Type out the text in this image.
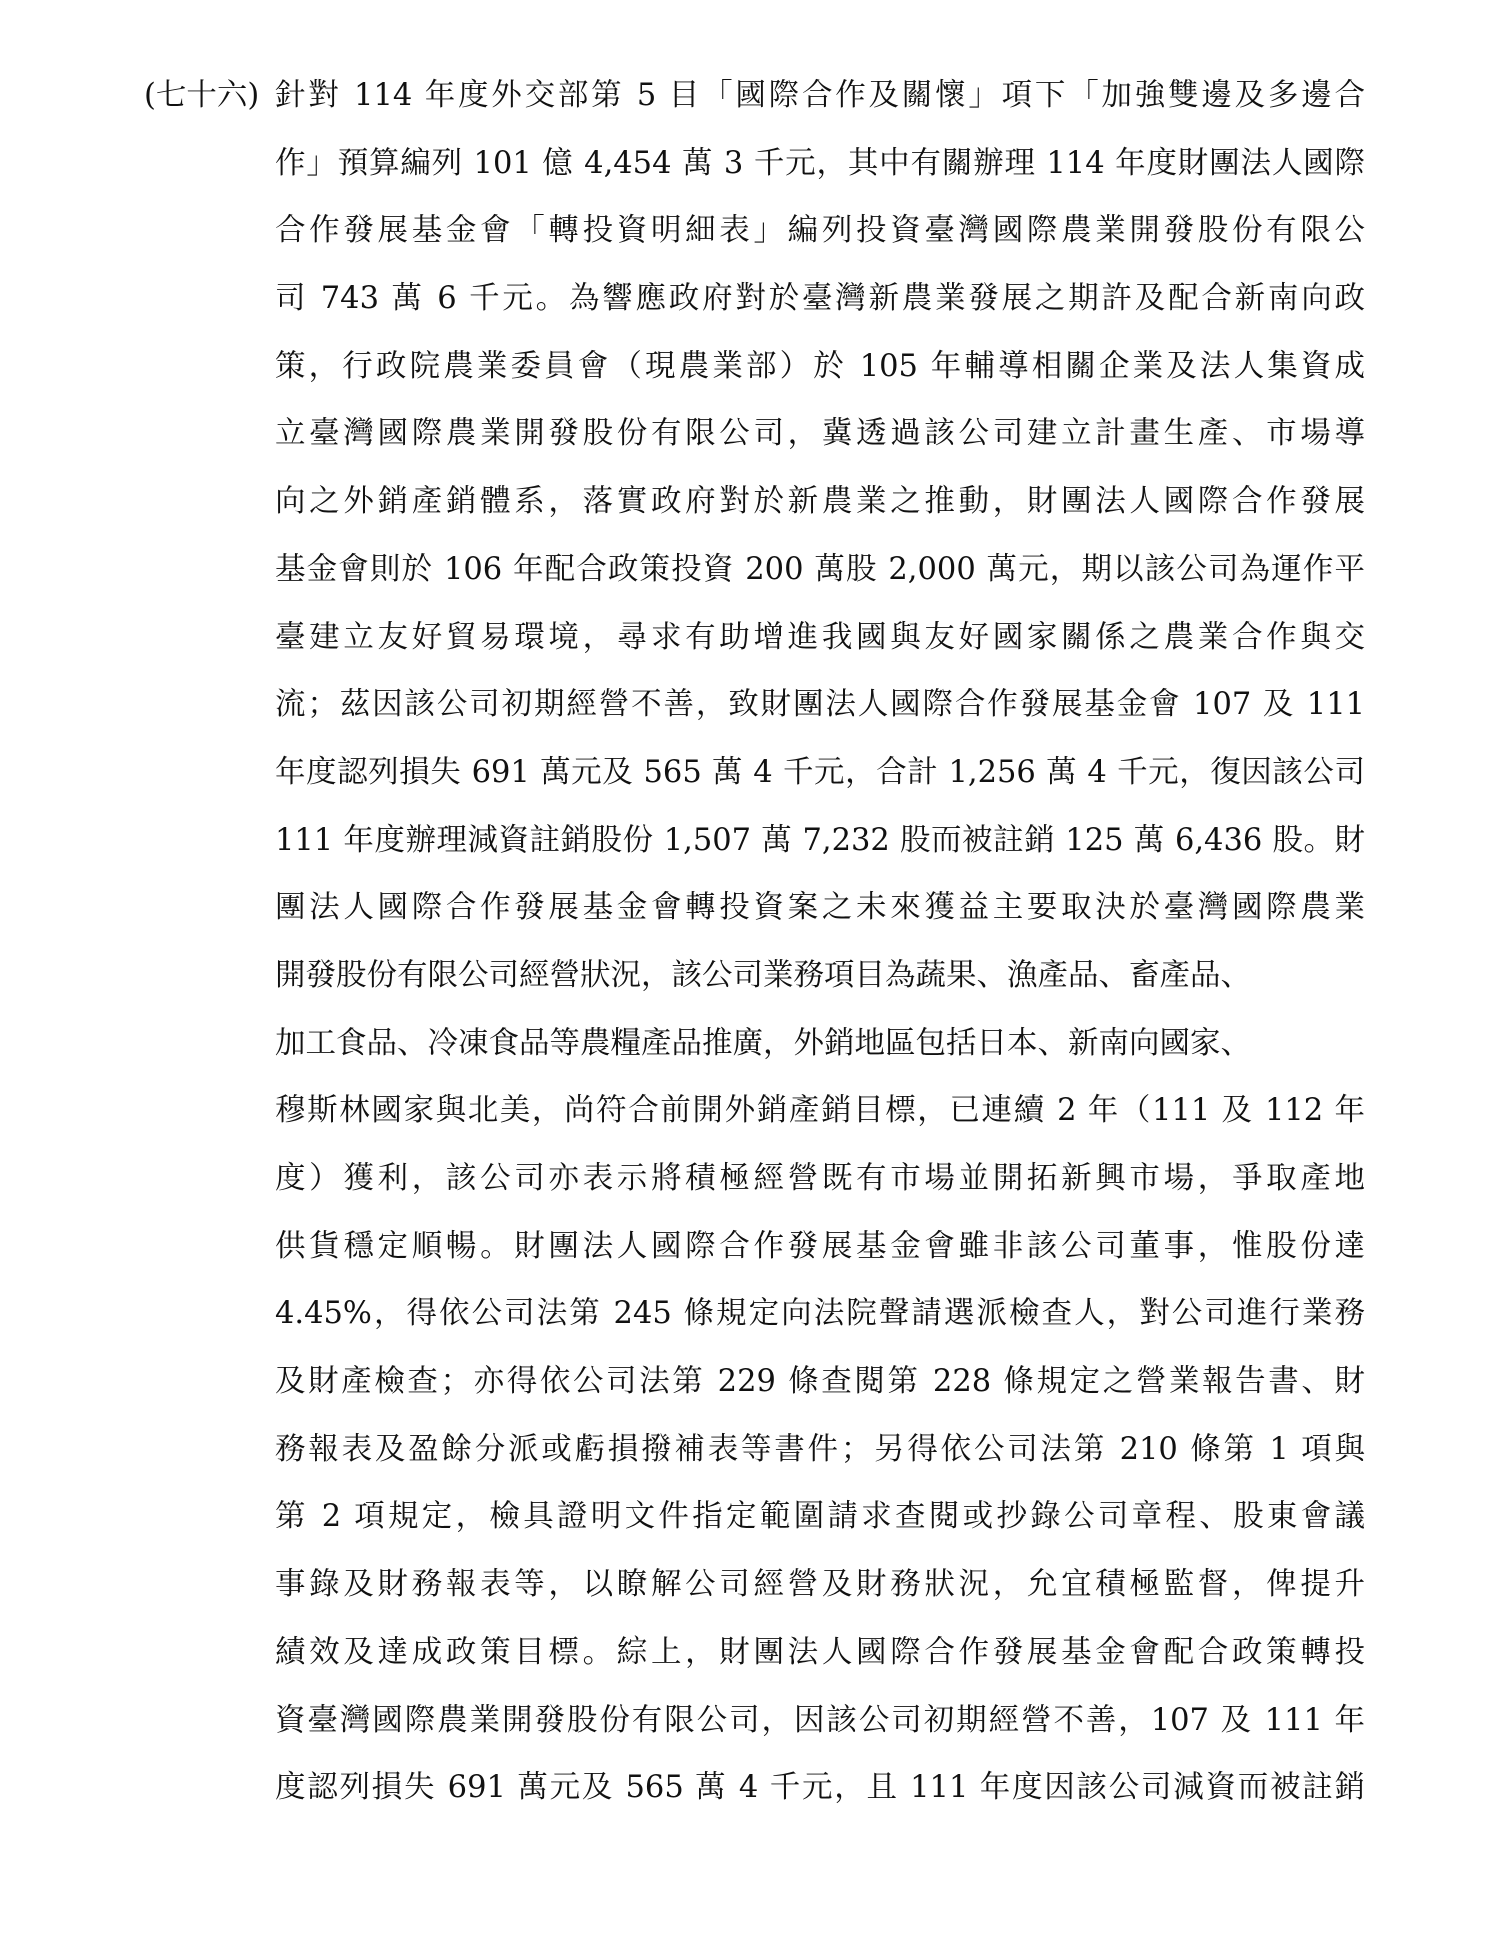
(七十六) 針對 114 年度外交部第 5 目「國際合作及關懷」項下「加強雙邊及多邊合
作」預算編列 101 億 4,454 萬 3 千元，其中有關辦理 114 年度財團法人國際
合作發展基金會「轉投資明細表」編列投資臺灣國際農業開發股份有限公
司 743 萬 6 千元。為響應政府對於臺灣新農業發展之期許及配合新南向政
策，行政院農業委員會（現農業部）於 105 年輔導相關企業及法人集資成
立臺灣國際農業開發股份有限公司，冀透過該公司建立計畫生產、市場導
向之外銷產銷體系，落實政府對於新農業之推動，財團法人國際合作發展
基金會則於 106 年配合政策投資 200 萬股 2,000 萬元，期以該公司為運作平
臺建立友好貿易環境，尋求有助增進我國與友好國家關係之農業合作與交
流；茲因該公司初期經營不善，致財團法人國際合作發展基金會 107 及 111
年度認列損失 691 萬元及 565 萬 4 千元，合計 1,256 萬 4 千元，復因該公司
111 年度辦理減資註銷股份 1,507 萬 7,232 股而被註銷 125 萬 6,436 股。財
團法人國際合作發展基金會轉投資案之未來獲益主要取決於臺灣國際農業
開發股份有限公司經營狀況，該公司業務項目為蔬果、漁產品、畜產品、
加工食品、冷凍食品等農糧產品推廣，外銷地區包括日本、新南向國家、
穆斯林國家與北美，尚符合前開外銷產銷目標，已連續 2 年（111 及 112 年
度）獲利，該公司亦表示將積極經營既有市場並開拓新興市場，爭取產地
供貨穩定順暢。財團法人國際合作發展基金會雖非該公司董事，惟股份達
4.45%，得依公司法第 245 條規定向法院聲請選派檢查人，對公司進行業務
及財產檢查；亦得依公司法第 229 條查閱第 228 條規定之營業報告書、財
務報表及盈餘分派或虧損撥補表等書件；另得依公司法第 210 條第 1 項與
第 2 項規定，檢具證明文件指定範圍請求查閱或抄錄公司章程、股東會議
事錄及財務報表等，以瞭解公司經營及財務狀況，允宜積極監督，俾提升
績效及達成政策目標。綜上，財團法人國際合作發展基金會配合政策轉投
資臺灣國際農業開發股份有限公司，因該公司初期經營不善，107 及 111 年
度認列損失 691 萬元及 565 萬 4 千元，且 111 年度因該公司減資而被註銷
